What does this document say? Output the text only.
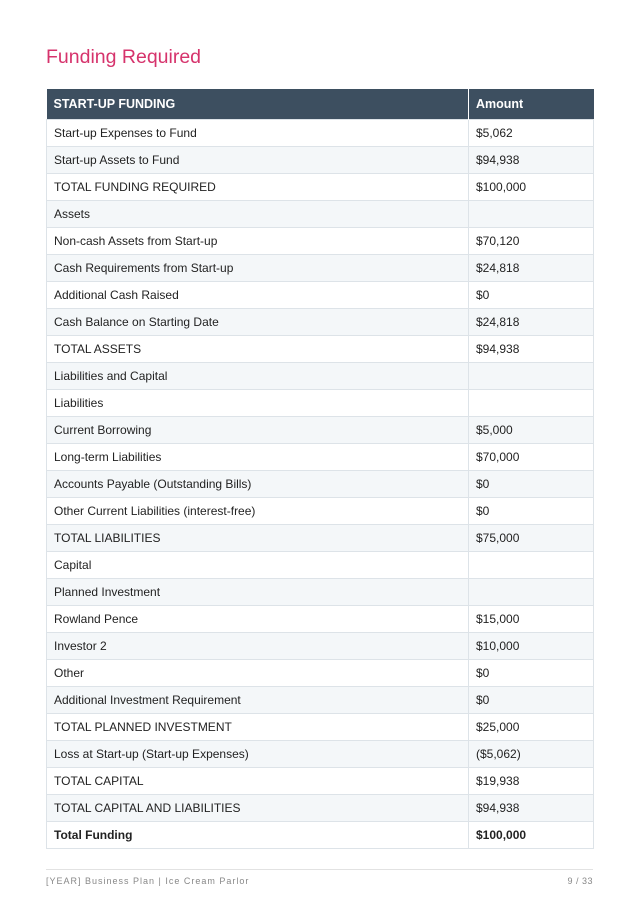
Funding Required
START-UP FUNDING	Amount
Start-up Expenses to Fund	$5,062
Start-up Assets to Fund	$94,938
TOTAL FUNDING REQUIRED	$100,000
Assets	
Non-cash Assets from Start-up	$70,120
Cash Requirements from Start-up	$24,818
Additional Cash Raised	$0
Cash Balance on Starting Date	$24,818
TOTAL ASSETS	$94,938
Liabilities and Capital	
Liabilities	
Current Borrowing	$5,000
Long-term Liabilities	$70,000
Accounts Payable (Outstanding Bills)	$0
Other Current Liabilities (interest-free)	$0
TOTAL LIABILITIES	$75,000
Capital	
Planned Investment	
Rowland Pence	$15,000
Investor 2	$10,000
Other	$0
Additional Investment Requirement	$0
TOTAL PLANNED INVESTMENT	$25,000
Loss at Start-up (Start-up Expenses)	($5,062)
TOTAL CAPITAL	$19,938
TOTAL CAPITAL AND LIABILITIES	$94,938
Total Funding	$100,000
[YEAR] Business Plan | Ice Cream Parlor	9 / 33
